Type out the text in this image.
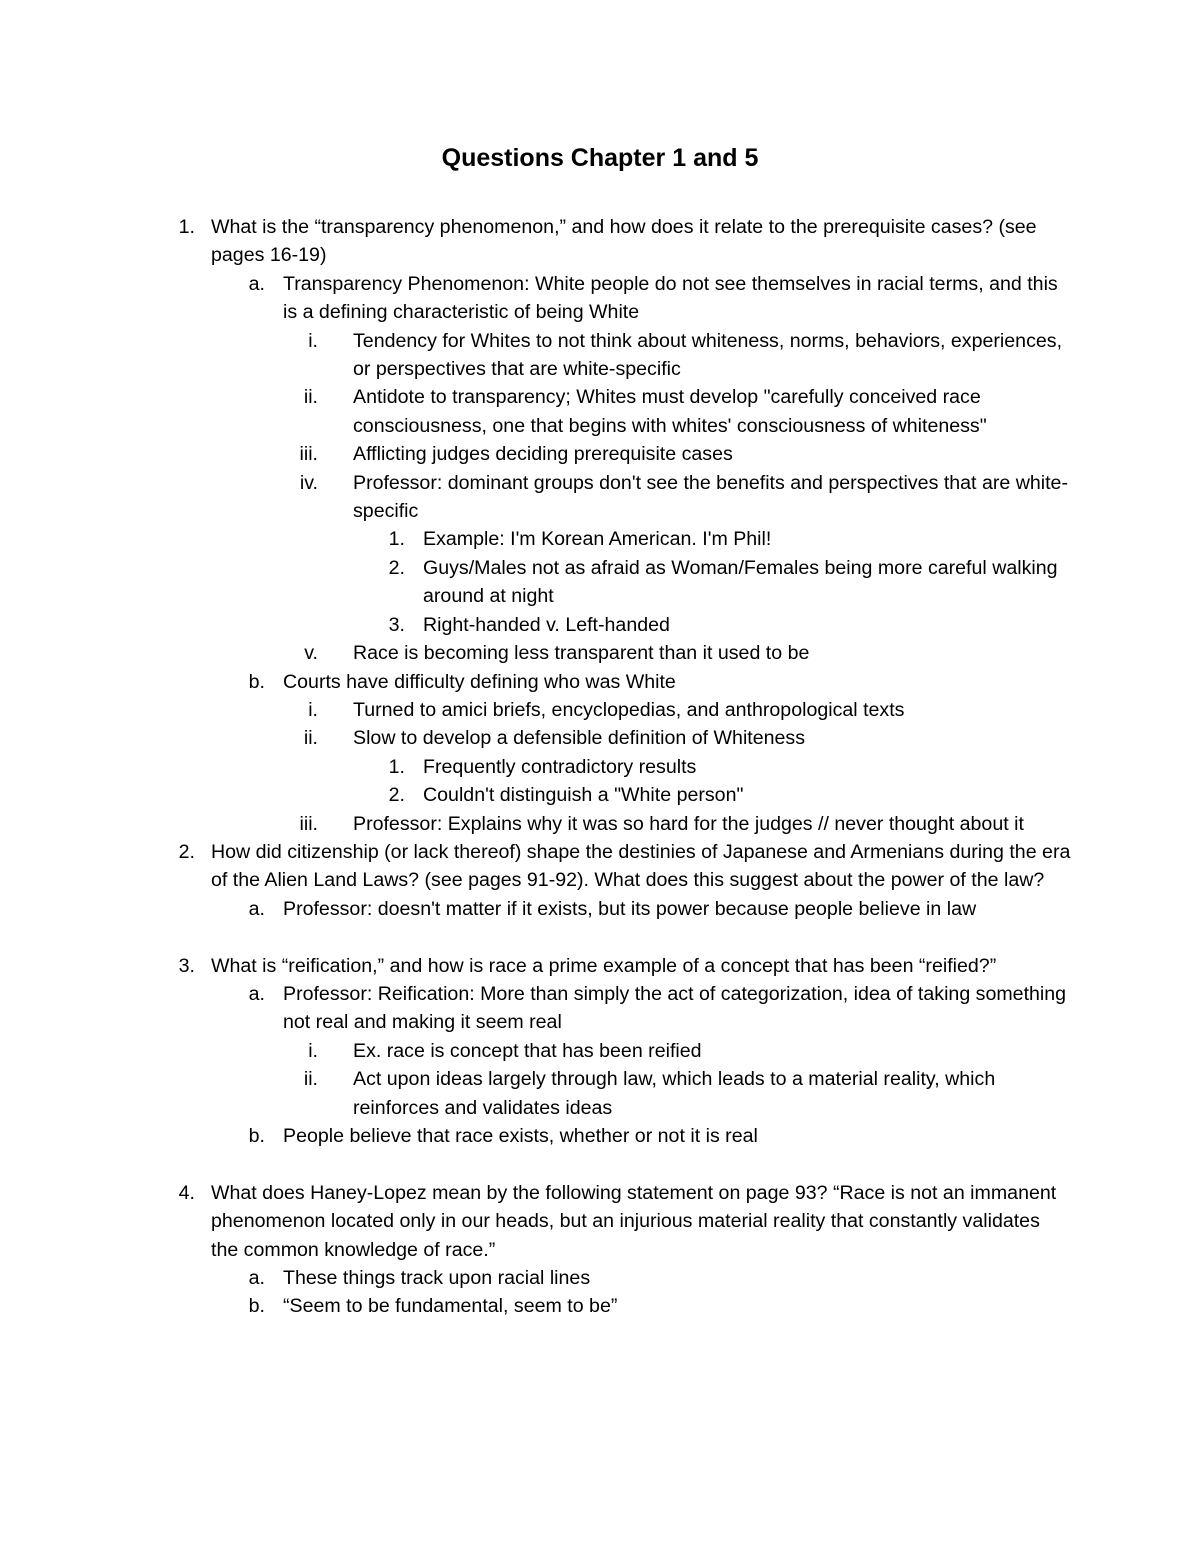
Questions Chapter 1 and 5
1. What is the “transparency phenomenon,” and how does it relate to the prerequisite cases? (see pages 16-19)
a. Transparency Phenomenon: White people do not see themselves in racial terms, and this is a defining characteristic of being White
i. Tendency for Whites to not think about whiteness, norms, behaviors, experiences, or perspectives that are white-specific
ii. Antidote to transparency; Whites must develop "carefully conceived race consciousness, one that begins with whites' consciousness of whiteness"
iii. Afflicting judges deciding prerequisite cases
iv. Professor: dominant groups don't see the benefits and perspectives that are white-specific
1. Example: I'm Korean American. I'm Phil!
2. Guys/Males not as afraid as Woman/Females being more careful walking around at night
3. Right-handed v. Left-handed
v. Race is becoming less transparent than it used to be
b. Courts have difficulty defining who was White
i. Turned to amici briefs, encyclopedias, and anthropological texts
ii. Slow to develop a defensible definition of Whiteness
1. Frequently contradictory results
2. Couldn't distinguish a "White person"
iii. Professor: Explains why it was so hard for the judges // never thought about it
2. How did citizenship (or lack thereof) shape the destinies of Japanese and Armenians during the era of the Alien Land Laws? (see pages 91-92). What does this suggest about the power of the law?
a. Professor: doesn't matter if it exists, but its power because people believe in law
3. What is “reification,” and how is race a prime example of a concept that has been “reified?”
a. Professor: Reification: More than simply the act of categorization, idea of taking something not real and making it seem real
i. Ex. race is concept that has been reified
ii. Act upon ideas largely through law, which leads to a material reality, which reinforces and validates ideas
b. People believe that race exists, whether or not it is real
4. What does Haney-Lopez mean by the following statement on page 93? “Race is not an immanent phenomenon located only in our heads, but an injurious material reality that constantly validates the common knowledge of race.”
a. These things track upon racial lines
b. “Seem to be fundamental, seem to be”
